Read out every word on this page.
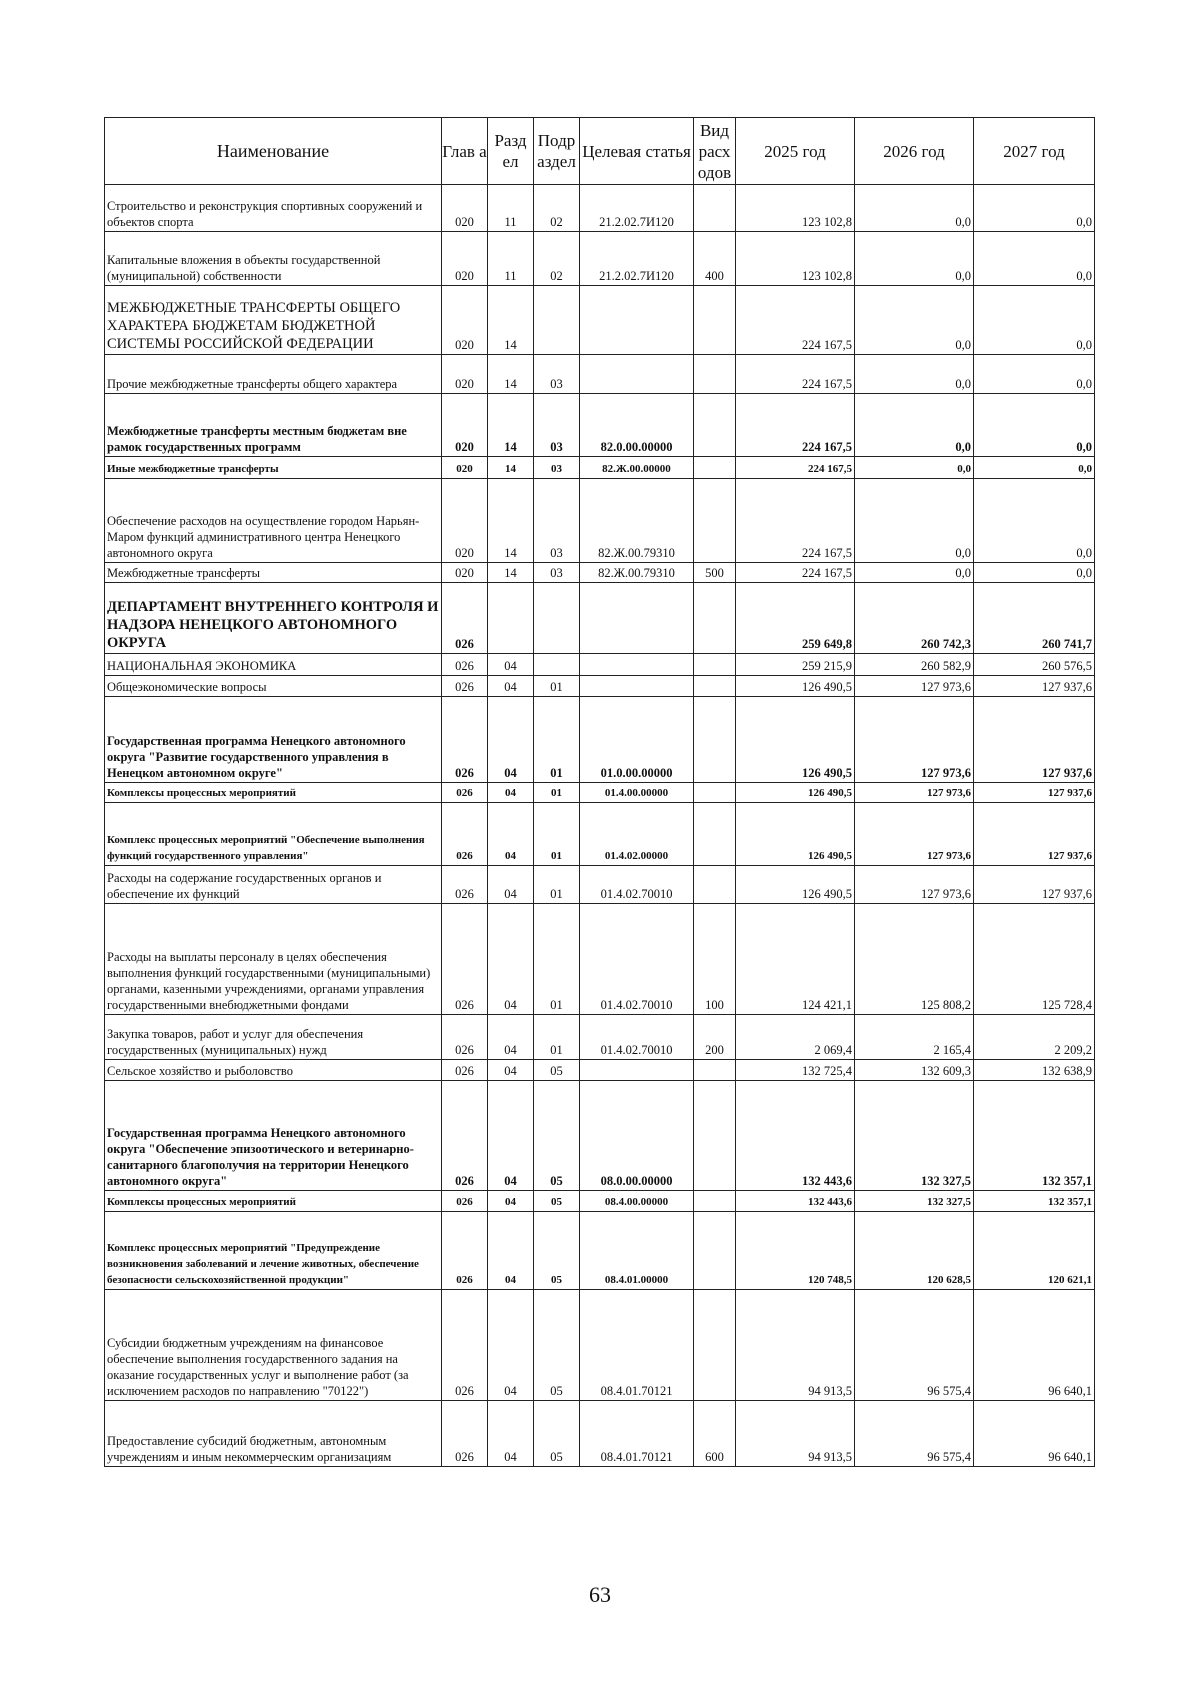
Наименование	Глав а	Разд ел	Подр аздел	Целевая статья	Вид расх одов	2025 год	2026 год	2027 год
Строительство и реконструкция спортивных сооружений и объектов спорта	020	11	02	21.2.02.7И120		123 102,8	0,0	0,0
Капитальные вложения в объекты государственной (муниципальной) собственности	020	11	02	21.2.02.7И120	400	123 102,8	0,0	0,0
МЕЖБЮДЖЕТНЫЕ ТРАНСФЕРТЫ ОБЩЕГО ХАРАКТЕРА БЮДЖЕТАМ БЮДЖЕТНОЙ СИСТЕМЫ РОССИЙСКОЙ ФЕДЕРАЦИИ	020	14				224 167,5	0,0	0,0
Прочие межбюджетные трансферты общего характера	020	14	03			224 167,5	0,0	0,0
Межбюджетные трансферты местным бюджетам вне рамок государственных программ	020	14	03	82.0.00.00000		224 167,5	0,0	0,0
Иные межбюджетные трансферты	020	14	03	82.Ж.00.00000		224 167,5	0,0	0,0
Обеспечение расходов на осуществление городом Нарьян-Маром функций административного центра Ненецкого автономного округа	020	14	03	82.Ж.00.79310		224 167,5	0,0	0,0
Межбюджетные трансферты	020	14	03	82.Ж.00.79310	500	224 167,5	0,0	0,0
ДЕПАРТАМЕНТ ВНУТРЕННЕГО КОНТРОЛЯ И НАДЗОРА НЕНЕЦКОГО АВТОНОМНОГО ОКРУГА	026					259 649,8	260 742,3	260 741,7
НАЦИОНАЛЬНАЯ ЭКОНОМИКА	026	04				259 215,9	260 582,9	260 576,5
Общеэкономические вопросы	026	04	01			126 490,5	127 973,6	127 937,6
Государственная программа Ненецкого автономного округа "Развитие государственного управления в Ненецком автономном округе"	026	04	01	01.0.00.00000		126 490,5	127 973,6	127 937,6
Комплексы процессных мероприятий	026	04	01	01.4.00.00000		126 490,5	127 973,6	127 937,6
Комплекс процессных мероприятий "Обеспечение выполнения функций государственного управления"	026	04	01	01.4.02.00000		126 490,5	127 973,6	127 937,6
Расходы на содержание государственных органов и обеспечение их функций	026	04	01	01.4.02.70010		126 490,5	127 973,6	127 937,6
Расходы на выплаты персоналу в целях обеспечения выполнения функций государственными (муниципальными) органами, казенными учреждениями, органами управления государственными внебюджетными фондами	026	04	01	01.4.02.70010	100	124 421,1	125 808,2	125 728,4
Закупка товаров, работ и услуг для обеспечения государственных (муниципальных) нужд	026	04	01	01.4.02.70010	200	2 069,4	2 165,4	2 209,2
Сельское хозяйство и рыболовство	026	04	05			132 725,4	132 609,3	132 638,9
Государственная программа Ненецкого автономного округа "Обеспечение эпизоотического и ветеринарно-санитарного благополучия на территории Ненецкого автономного округа"	026	04	05	08.0.00.00000		132 443,6	132 327,5	132 357,1
Комплексы процессных мероприятий	026	04	05	08.4.00.00000		132 443,6	132 327,5	132 357,1
Комплекс процессных мероприятий "Предупреждение возникновения заболеваний и лечение животных, обеспечение безопасности сельскохозяйственной продукции"	026	04	05	08.4.01.00000		120 748,5	120 628,5	120 621,1
Субсидии бюджетным учреждениям на финансовое обеспечение выполнения государственного задания на оказание государственных услуг и выполнение работ (за исключением расходов по направлению "70122")	026	04	05	08.4.01.70121		94 913,5	96 575,4	96 640,1
Предоставление субсидий бюджетным, автономным учреждениям и иным некоммерческим организациям	026	04	05	08.4.01.70121	600	94 913,5	96 575,4	96 640,1
63
